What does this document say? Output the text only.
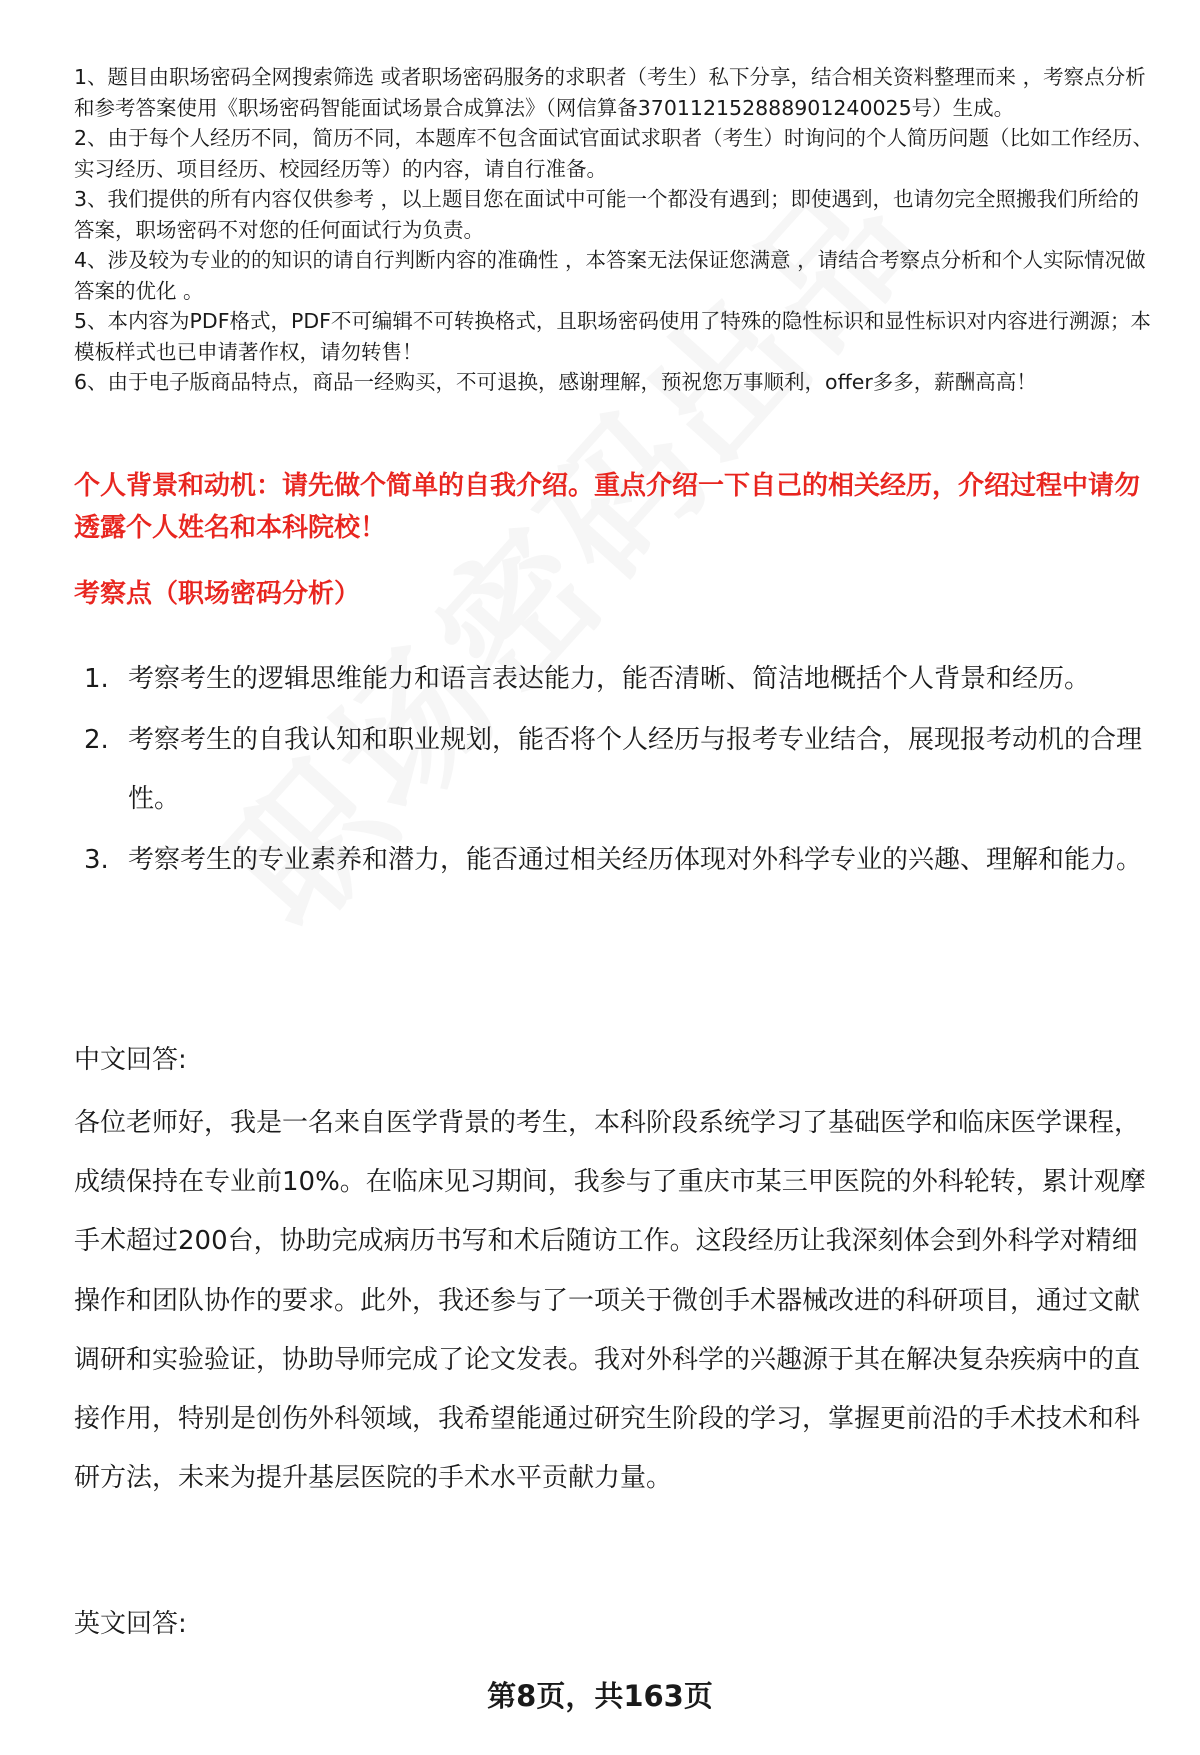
1、题目由职场密码全网搜索筛选 或者职场密码服务的求职者（考生）私下分享，结合相关资料整理而来 ，考察点分析和参考答案使用《职场密码智能面试场景合成算法》（网信算备370112152888901240025号）生成。
2、由于每个人经历不同，简历不同，本题库不包含面试官面试求职者（考生）时询问的个人简历问题（比如工作经历、实习经历、项目经历、校园经历等）的内容，请自行准备。
3、我们提供的所有内容仅供参考 ，以上题目您在面试中可能一个都没有遇到；即使遇到，也请勿完全照搬我们所给的答案，职场密码不对您的任何面试行为负责。
4、涉及较为专业的的知识的请自行判断内容的准确性 ，本答案无法保证您满意 ，请结合考察点分析和个人实际情况做答案的优化 。
5、本内容为PDF格式，PDF不可编辑不可转换格式，且职场密码使用了特殊的隐性标识和显性标识对内容进行溯源；本模板样式也已申请著作权，请勿转售！
6、由于电子版商品特点，商品一经购买，不可退换，感谢理解，预祝您万事顺利，offer多多，薪酬高高！

个人背景和动机：请先做个简单的自我介绍。重点介绍一下自己的相关经历，介绍过程中请勿透露个人姓名和本科院校！

考察点（职场密码分析）

1. 考察考生的逻辑思维能力和语言表达能力，能否清晰、简洁地概括个人背景和经历。
2. 考察考生的自我认知和职业规划，能否将个人经历与报考专业结合，展现报考动机的合理性。
3. 考察考生的专业素养和潜力，能否通过相关经历体现对外科学专业的兴趣、理解和能力。

中文回答:

各位老师好，我是一名来自医学背景的考生，本科阶段系统学习了基础医学和临床医学课程，成绩保持在专业前10%。在临床见习期间，我参与了重庆市某三甲医院的外科轮转，累计观摩手术超过200台，协助完成病历书写和术后随访工作。这段经历让我深刻体会到外科学对精细操作和团队协作的要求。此外，我还参与了一项关于微创手术器械改进的科研项目，通过文献调研和实验验证，协助导师完成了论文发表。我对外科学的兴趣源于其在解决复杂疾病中的直接作用，特别是创伤外科领域，我希望能通过研究生阶段的学习，掌握更前沿的手术技术和科研方法，未来为提升基层医院的手术水平贡献力量。

英文回答:

第8页，共163页
